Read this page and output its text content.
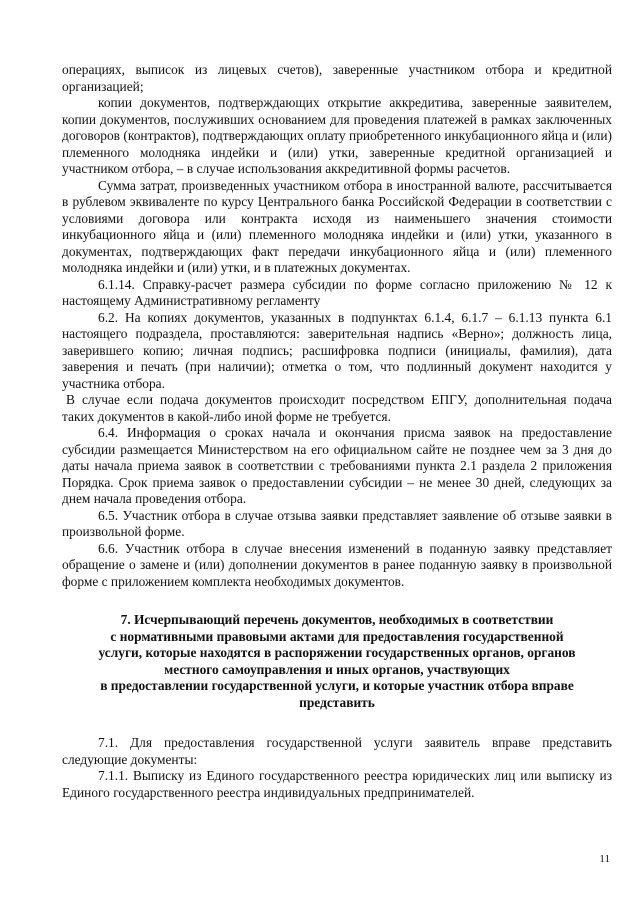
операциях, выписок из лицевых счетов), заверенные участником отбора и кредитной организацией;

копии документов, подтверждающих открытие аккредитива, заверенные заявителем, копии документов, послуживших основанием для проведения платежей в рамках заключенных договоров (контрактов), подтверждающих оплату приобретенного инкубационного яйца и (или) племенного молодняка индейки и (или) утки, заверенные кредитной организацией и участником отбора, – в случае использования аккредитивной формы расчетов.

Сумма затрат, произведенных участником отбора в иностранной валюте, рассчитывается в рублевом эквиваленте по курсу Центрального банка Российской Федерации в соответствии с условиями договора или контракта исходя из наименьшего значения стоимости инкубационного яйца и (или) племенного молодняка индейки и (или) утки, указанного в документах, подтверждающих факт передачи инкубационного яйца и (или) племенного молодняка индейки и (или) утки, и в платежных документах.

6.1.14. Справку-расчет размера субсидии по форме согласно приложению № 12 к настоящему Административному регламенту

6.2. На копиях документов, указанных в подпунктах 6.1.4, 6.1.7 – 6.1.13 пункта 6.1 настоящего подраздела, проставляются: заверительная надпись «Верно»; должность лица, заверившего копию; личная подпись; расшифровка подписи (инициалы, фамилия), дата заверения и печать (при наличии); отметка о том, что подлинный документ находится у участника отбора.

В случае если подача документов происходит посредством ЕПГУ, дополнительная подача таких документов в какой-либо иной форме не требуется.

6.4. Информация о сроках начала и окончания присма заявок на предоставление субсидии размещается Министерством на его официальном сайте не позднее чем за 3 дня до даты начала приема заявок в соответствии с требованиями пункта 2.1 раздела 2 приложения Порядка. Срок приема заявок о предоставлении субсидии – не менее 30 дней, следующих за днем начала проведения отбора.

6.5. Участник отбора в случае отзыва заявки представляет заявление об отзыве заявки в произвольной форме.

6.6. Участник отбора в случае внесения изменений в поданную заявку представляет обращение о замене и (или) дополнении документов в ранее поданную заявку в произвольной форме с приложением комплекта необходимых документов.

7. Исчерпывающий перечень документов, необходимых в соответствии
с нормативными правовыми актами для предоставления государственной
услуги, которые находятся в распоряжении государственных органов, органов
местного самоуправления и иных органов, участвующих
в предоставлении государственной услуги, и которые участник отбора вправе
представить

7.1. Для предоставления государственной услуги заявитель вправе представить следующие документы:

7.1.1. Выписку из Единого государственного реестра юридических лиц или выписку из Единого государственного реестра индивидуальных предпринимателей.

11
